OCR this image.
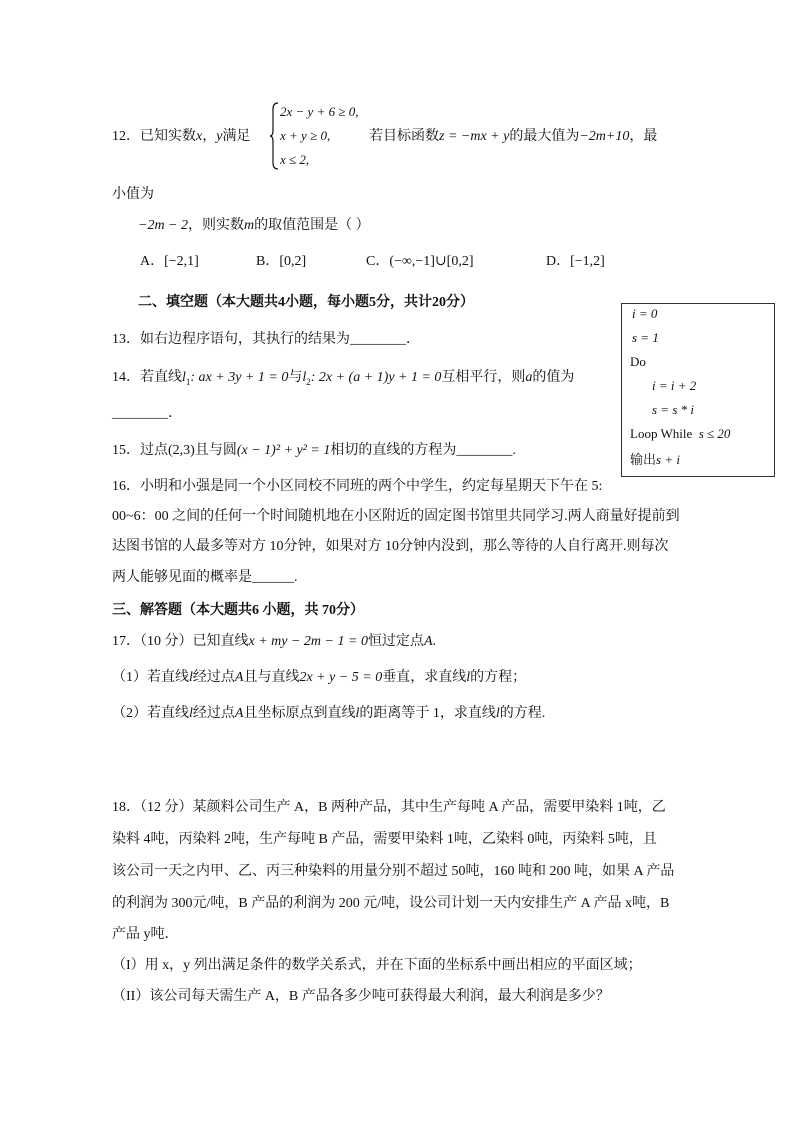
12．已知实数x，y满足
2x − y + 6 ≥ 0,
x + y ≥ 0,
x ≤ 2,
若目标函数z = −mx + y的最大值为−2m+10，最
小值为
−2m − 2，则实数m的取值范围是（ ）
A．[−2,1]	B．[0,2]	C．(−∞,−1]∪[0,2]	D．[−1,2]
二、填空题（本大题共4小题，每小题5分，共计20分）
13．如右边程序语句，其执行的结果为________．
14．若直线$l_1$: ax + 3y + 1 = 0与$l_2$: 2x + (a + 1)y + 1 = 0互相平行，则a的值为
________．
15．过点(2,3)且与圆(x − 1)² + y² = 1相切的直线的方程为________.
16．小明和小强是同一个小区同校不同班的两个中学生，约定每星期天下午在 5:
00~6：00 之间的任何一个时间随机地在小区附近的固定图书馆里共同学习.两人商量好提前到
达图书馆的人最多等对方 10分钟，如果对方 10分钟内没到，那么等待的人自行离开.则每次
两人能够见面的概率是______.
三、解答题（本大题共6 小题，共 70分）
17．（10 分）已知直线x + my − 2m − 1 = 0恒过定点A.
（1）若直线l经过点A且与直线2x + y − 5 = 0垂直，求直线l的方程；
（2）若直线l经过点A且坐标原点到直线l的距离等于 1，求直线l的方程.
18．（12 分）某颜料公司生产 A，B 两种产品，其中生产每吨 A 产品，需要甲染料 1吨，乙
染料 4吨，丙染料 2吨，生产每吨 B 产品，需要甲染料 1吨，乙染料 0吨，丙染料 5吨，且
该公司一天之内甲、乙、丙三种染料的用量分别不超过 50吨，160 吨和 200 吨，如果 A 产品
的利润为 300元/吨，B 产品的利润为 200 元/吨，设公司计划一天内安排生产 A 产品 x吨，B
产品 y吨．
（I）用 x，y 列出满足条件的数学关系式，并在下面的坐标系中画出相应的平面区域；
（II）该公司每天需生产 A，B 产品各多少吨可获得最大利润，最大利润是多少？
i = 0
s = 1
Do
i = i + 2
s = s * i
Loop While s ≤ 20
输出s + i
